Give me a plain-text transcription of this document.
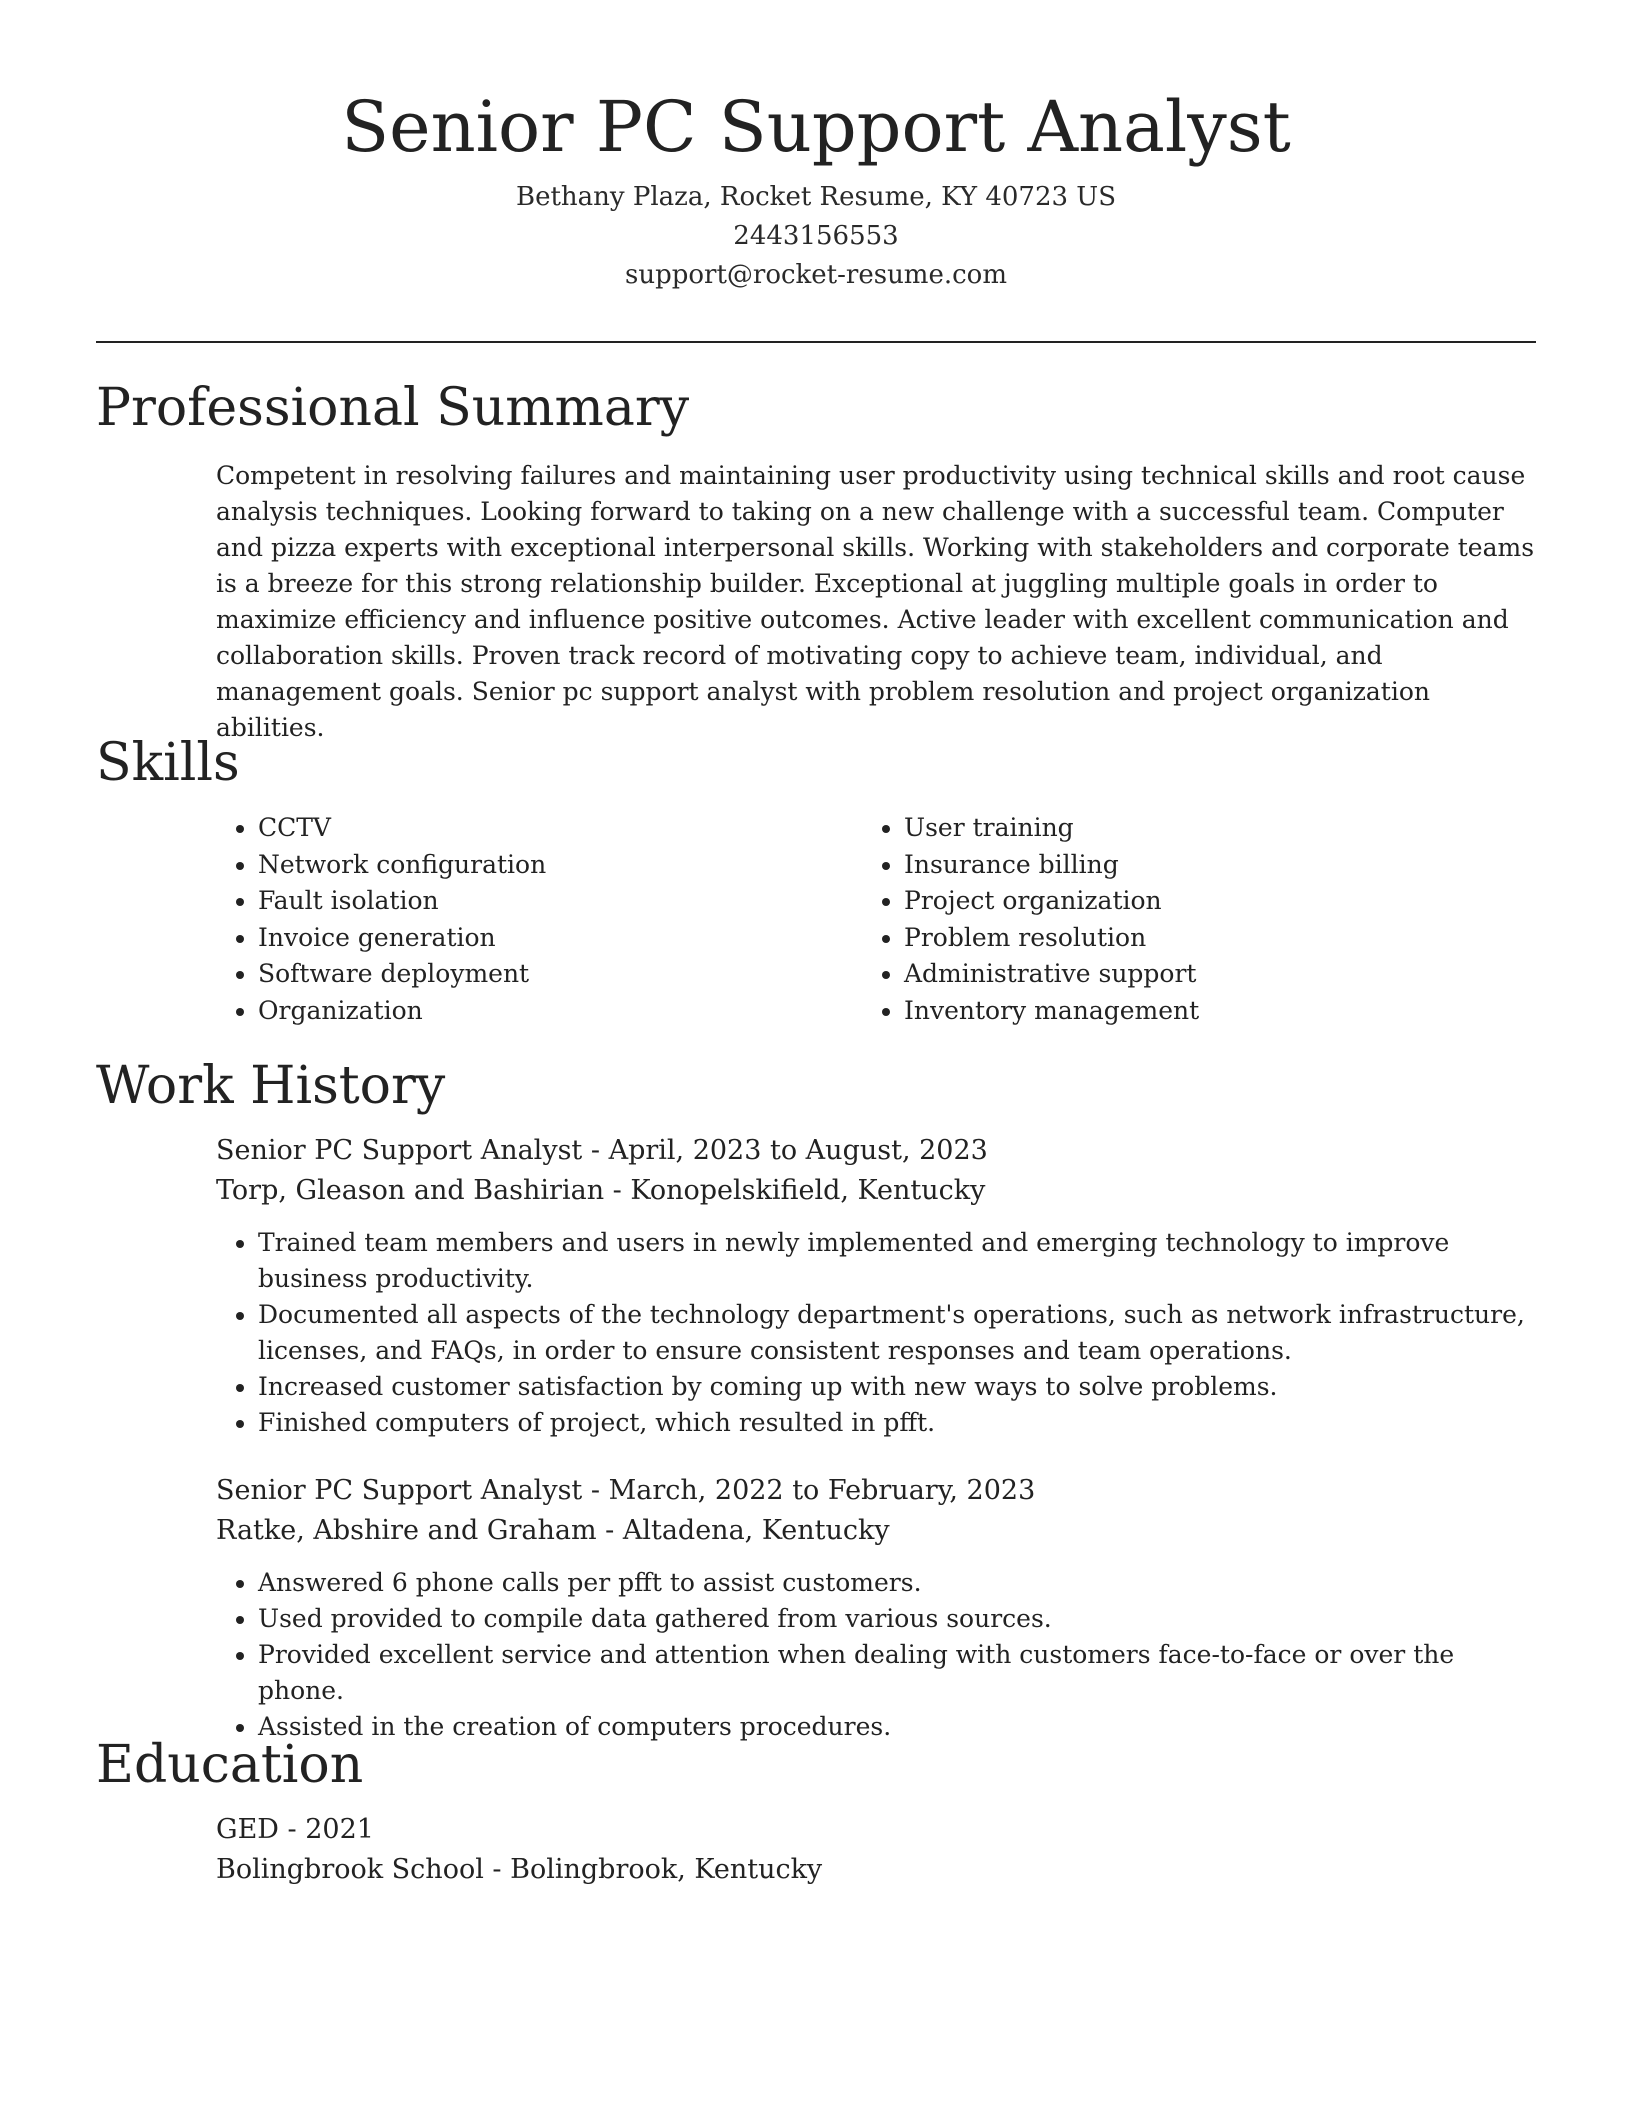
Senior PC Support Analyst
Bethany Plaza, Rocket Resume, KY 40723 US
2443156553
support@rocket-resume.com
Professional Summary

Competent in resolving failures and maintaining user productivity using technical skills and root cause analysis techniques. Looking forward to taking on a new challenge with a successful team. Computer and pizza experts with exceptional interpersonal skills. Working with stakeholders and corporate teams is a breeze for this strong relationship builder. Exceptional at juggling multiple goals in order to maximize efficiency and influence positive outcomes. Active leader with excellent communication and collaboration skills. Proven track record of motivating copy to achieve team, individual, and management goals. Senior pc support analyst with problem resolution and project organization abilities.

Skills
• CCTV
• Network configuration
• Fault isolation
• Invoice generation
• Software deployment
• Organization
• User training
• Insurance billing
• Project organization
• Problem resolution
• Administrative support
• Inventory management
Work History
Senior PC Support Analyst - April, 2023 to August, 2023
Torp, Gleason and Bashirian - Konopelskifield, Kentucky
• Trained team members and users in newly implemented and emerging technology to improve business productivity.
• Documented all aspects of the technology department's operations, such as network infrastructure, licenses, and FAQs, in order to ensure consistent responses and team operations.
• Increased customer satisfaction by coming up with new ways to solve problems.
• Finished computers of project, which resulted in pfft.
Senior PC Support Analyst - March, 2022 to February, 2023
Ratke, Abshire and Graham - Altadena, Kentucky
• Answered 6 phone calls per pfft to assist customers.
• Used provided to compile data gathered from various sources.
• Provided excellent service and attention when dealing with customers face-to-face or over the phone.
• Assisted in the creation of computers procedures.
Education
GED - 2021
Bolingbrook School - Bolingbrook, Kentucky
